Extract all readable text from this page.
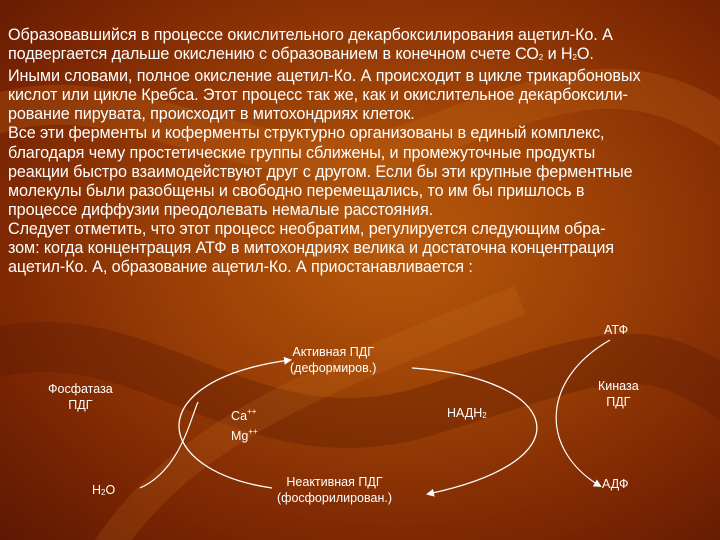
Образовавшийся в процессе окислительного декарбоксилирования ацетил-Ко. А
подвергается дальше окислению с образованием в конечном счете $СО_2$ и $Н_2О$.
Иными словами, полное окисление ацетил-Ко. А происходит в цикле трикарбоновых
кислот или цикле Кребса. Этот процесс так же, как и окислительное декарбоксили-
рование пирувата, происходит в митохондриях клеток.
Все эти ферменты и коферменты структурно организованы в единый комплекс,
благодаря чему простетические группы сближены, и промежуточные продукты
реакции быстро взаимодействуют друг с другом. Если бы эти крупные ферментные
молекулы были разобщены и свободно перемещались, то им бы пришлось в
процессе диффузии преодолевать немалые расстояния.
Следует отметить, что этот процесс необратим, регулируется следующим обра-
зом: когда концентрация АТФ в митохондриях велика и достаточна концентрация
ацетил-Ко. А, образование ацетил-Ко. А приостанавливается :
АТФ
Активная ПДГ
(деформиров.)
Фосфатаза
ПДГ
Киназа
ПДГ
Са++
Mg++
$НАДН_2$
$Н_2О$
Неактивная ПДГ
(фосфорилирован.)
АДФ
